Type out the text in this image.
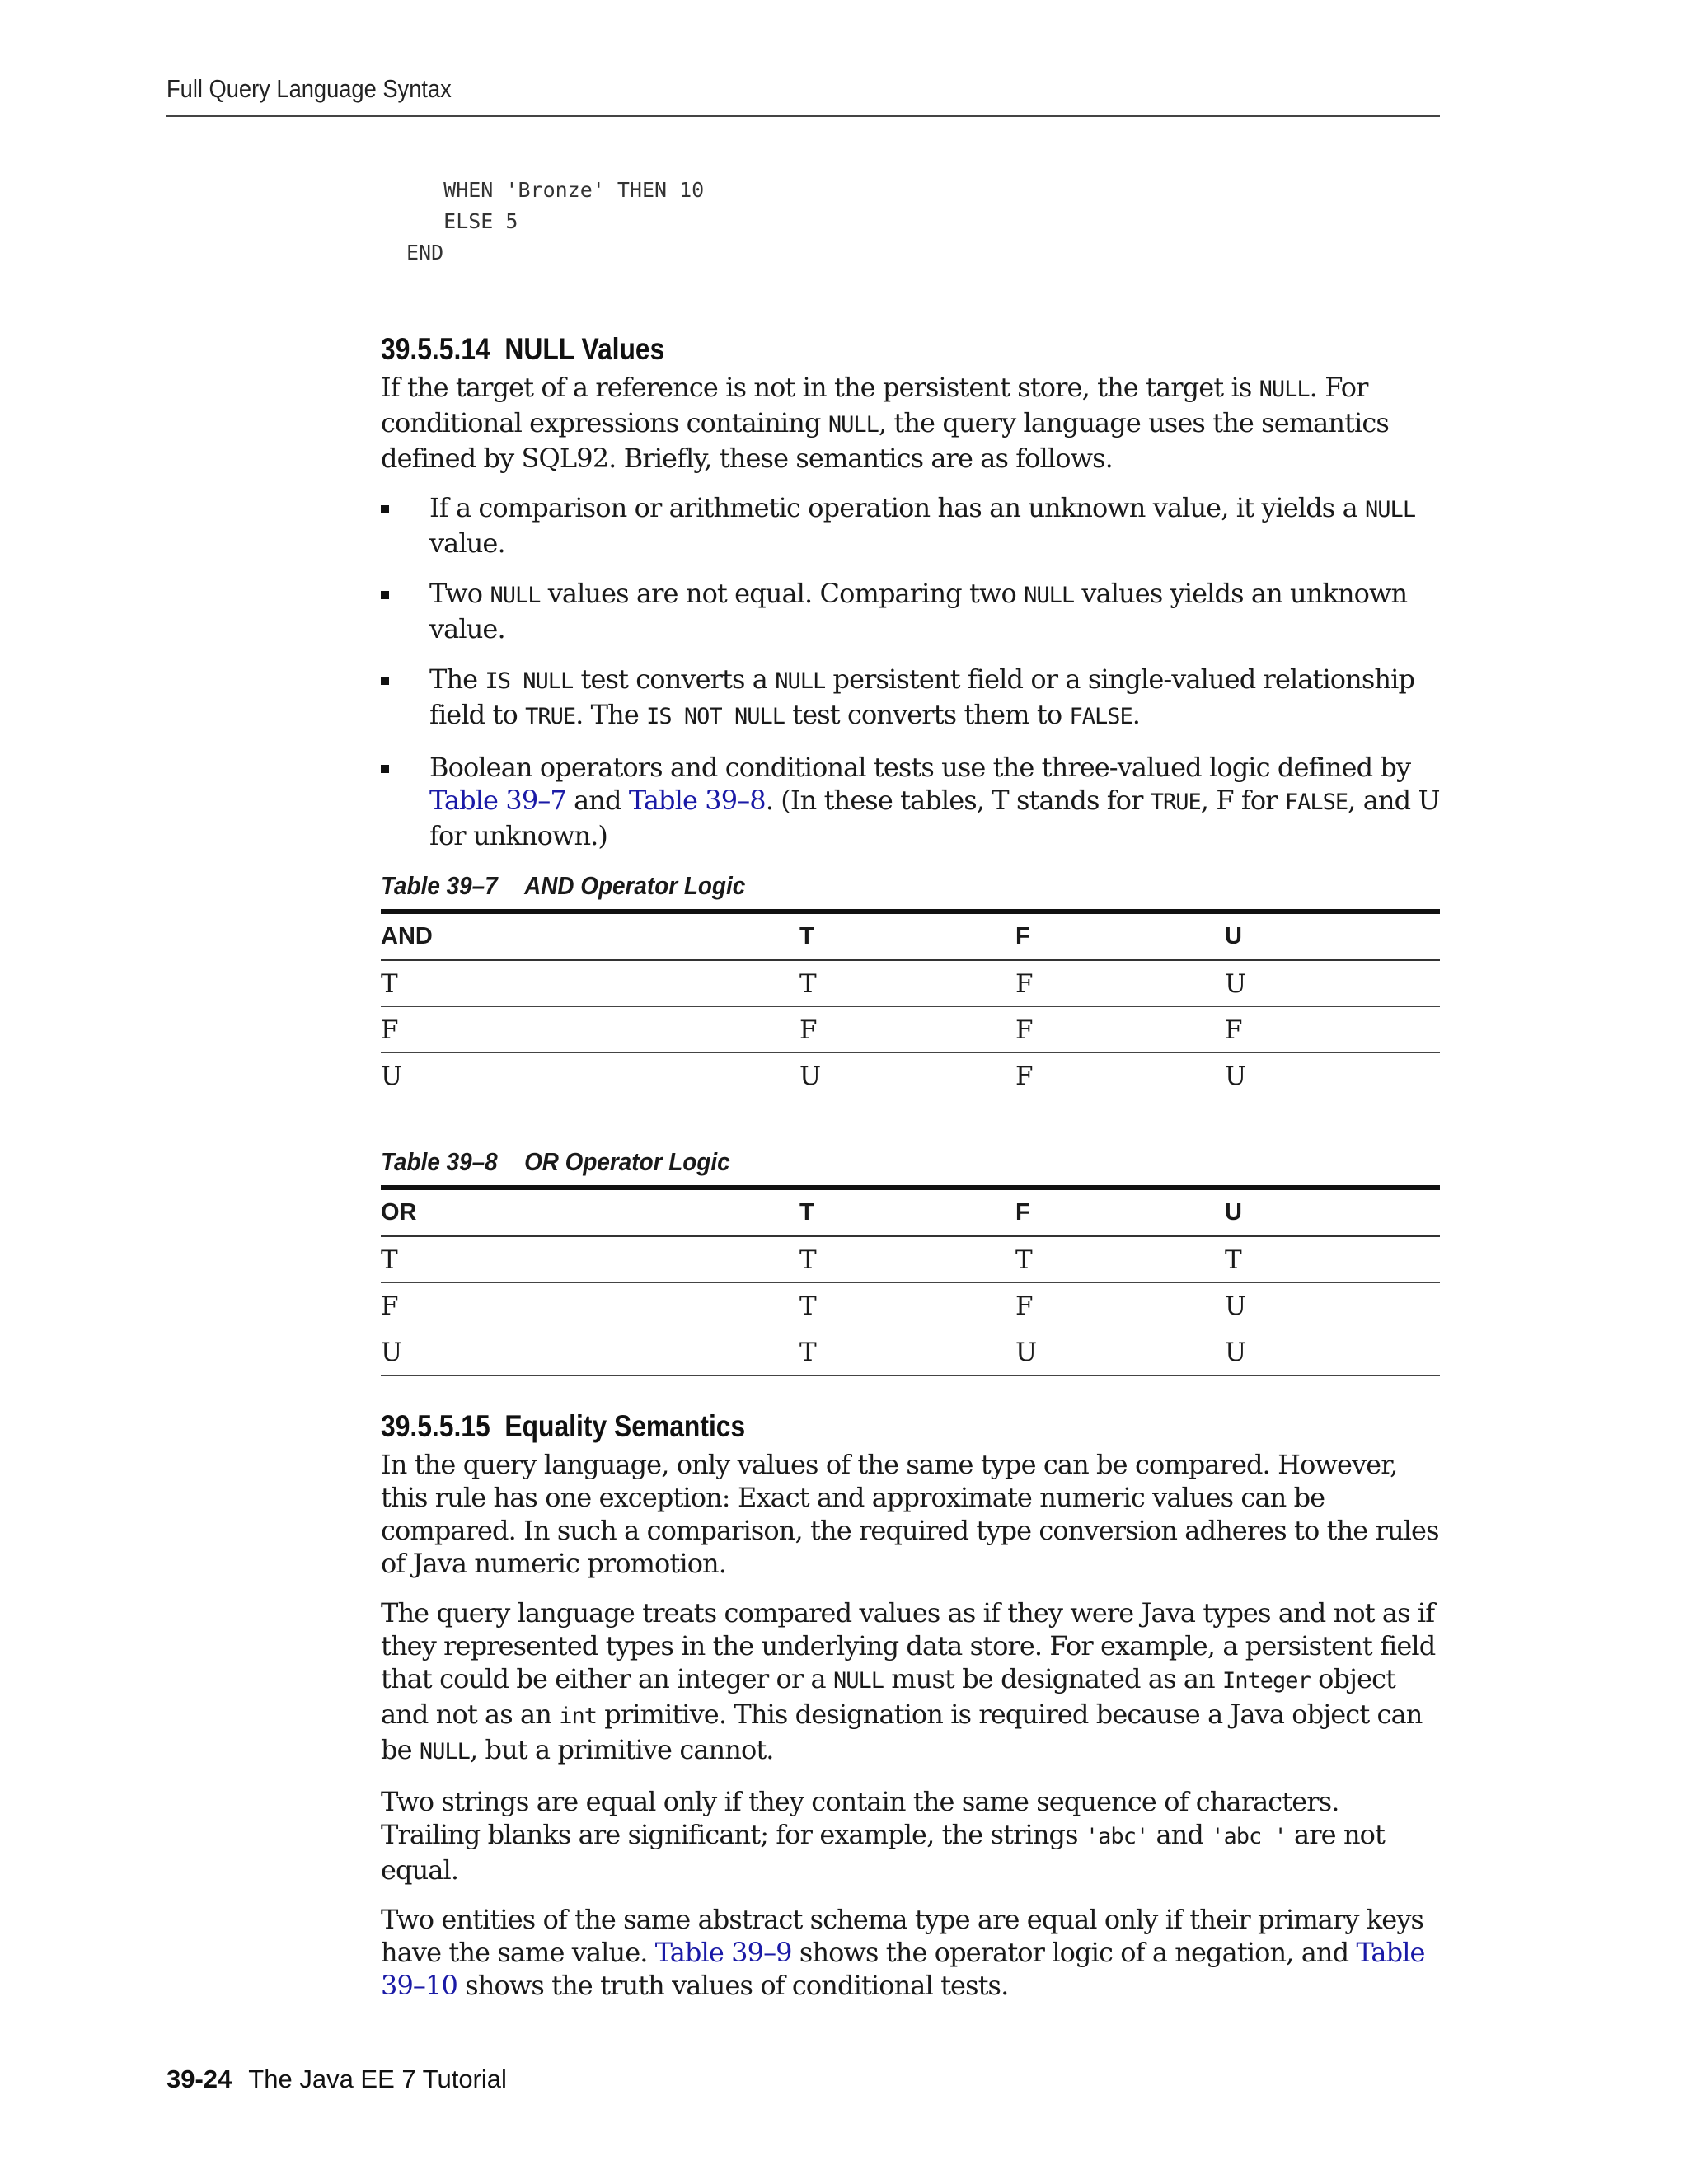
Full Query Language Syntax
WHEN 'Bronze' THEN 10
ELSE 5
END
39.5.5.14 NULL Values

If the target of a reference is not in the persistent store, the target is NULL. For conditional expressions containing NULL, the query language uses the semantics defined by SQL92. Briefly, these semantics are as follows.

If a comparison or arithmetic operation has an unknown value, it yields a NULL value.
Two NULL values are not equal. Comparing two NULL values yields an unknown value.
The IS NULL test converts a NULL persistent field or a single-valued relationship field to TRUE. The IS NOT NULL test converts them to FALSE.
Boolean operators and conditional tests use the three-valued logic defined by Table 39–7 and Table 39–8. (In these tables, T stands for TRUE, F for FALSE, and U for unknown.)
Table 39–7 AND Operator Logic
AND	T	F	U
T	T	F	U
F	F	F	F
U	U	F	U
Table 39–8 OR Operator Logic
OR	T	F	U
T	T	T	T
F	T	F	U
U	T	U	U
39.5.5.15 Equality Semantics

In the query language, only values of the same type can be compared. However, this rule has one exception: Exact and approximate numeric values can be compared. In such a comparison, the required type conversion adheres to the rules of Java numeric promotion.

The query language treats compared values as if they were Java types and not as if they represented types in the underlying data store. For example, a persistent field that could be either an integer or a NULL must be designated as an Integer object and not as an int primitive. This designation is required because a Java object can be NULL, but a primitive cannot.

Two strings are equal only if they contain the same sequence of characters. Trailing blanks are significant; for example, the strings 'abc' and 'abc ' are not equal.

Two entities of the same abstract schema type are equal only if their primary keys have the same value. Table 39–9 shows the operator logic of a negation, and Table 39–10 shows the truth values of conditional tests.

39-24 The Java EE 7 Tutorial
